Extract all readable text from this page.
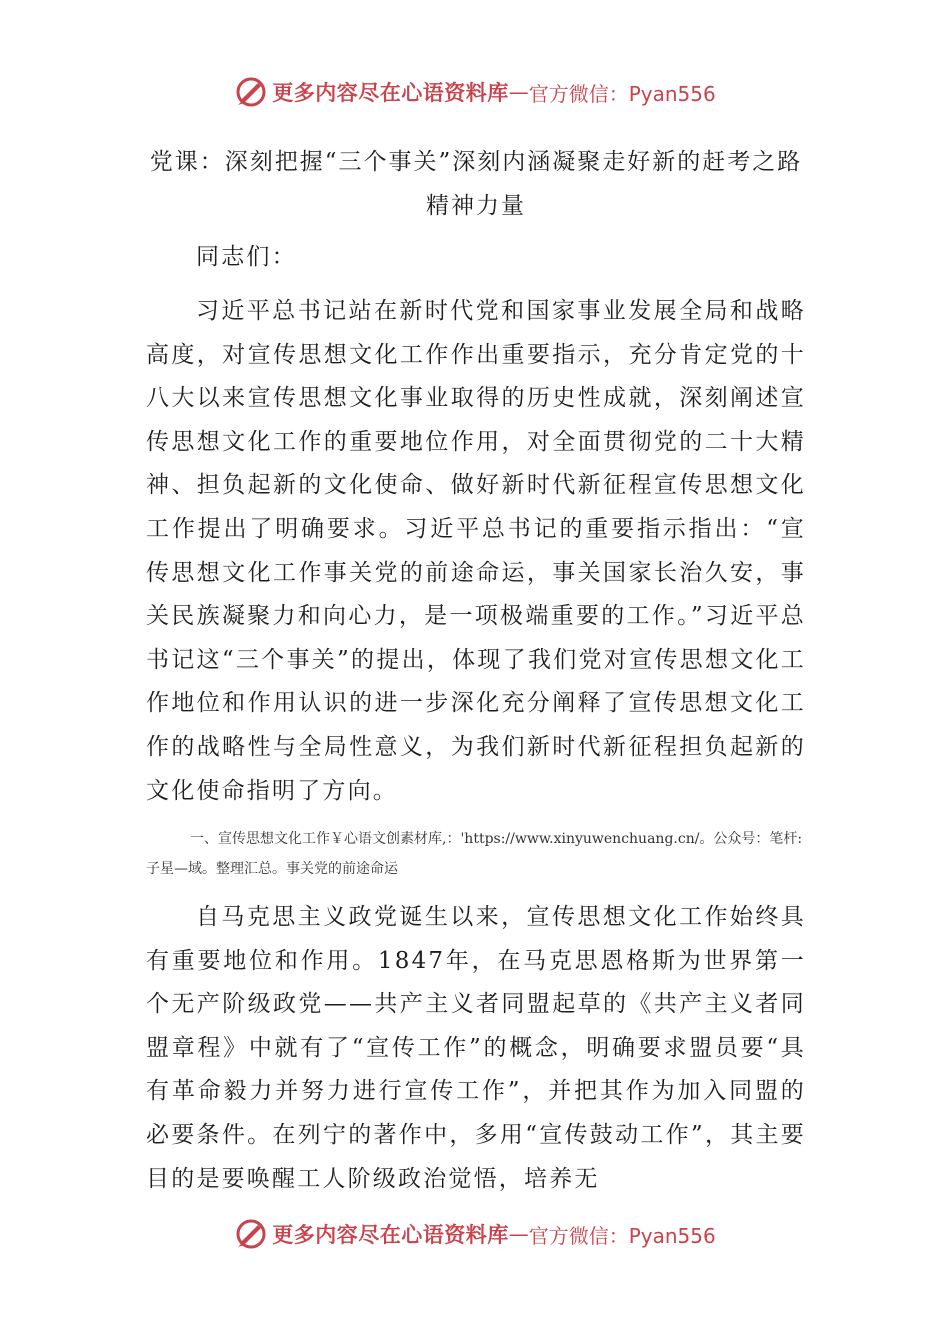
更多内容尽在心语资料库 — 官方微信：Pyan556
党课：深刻把握“三个事关”深刻内涵凝聚走好新的赶考之路精神力量
同志们：
习近平总书记站在新时代党和国家事业发展全局和战略高度，对宣传思想文化工作作出重要指示，充分肯定党的十八大以来宣传思想文化事业取得的历史性成就，深刻阐述宣传思想文化工作的重要地位作用，对全面贯彻党的二十大精神、担负起新的文化使命、做好新时代新征程宣传思想文化工作提出了明确要求。习近平总书记的重要指示指出：“宣传思想文化工作事关党的前途命运，事关国家长治久安，事关民族凝聚力和向心力，是一项极端重要的工作。”习近平总书记这“三个事关”的提出，体现了我们党对宣传思想文化工作地位和作用认识的进一步深化充分阐释了宣传思想文化工作的战略性与全局性意义，为我们新时代新征程担负起新的文化使命指明了方向。
一、宣传思想文化工作￥心语文创素材库,：'https://www.xinyuwenchuang.cn/。公众号：笔杆:子星—域。整理汇总。事关党的前途命运
自马克思主义政党诞生以来，宣传思想文化工作始终具有重要地位和作用。1847年，在马克思恩格斯为世界第一个无产阶级政党——共产主义者同盟起草的《共产主义者同盟章程》中就有了“宣传工作”的概念，明确要求盟员要“具有革命毅力并努力进行宣传工作”，并把其作为加入同盟的必要条件。在列宁的著作中，多用“宣传鼓动工作”，其主要目的是要唤醒工人阶级政治觉悟，培养无
更多内容尽在心语资料库 — 官方微信：Pyan556
